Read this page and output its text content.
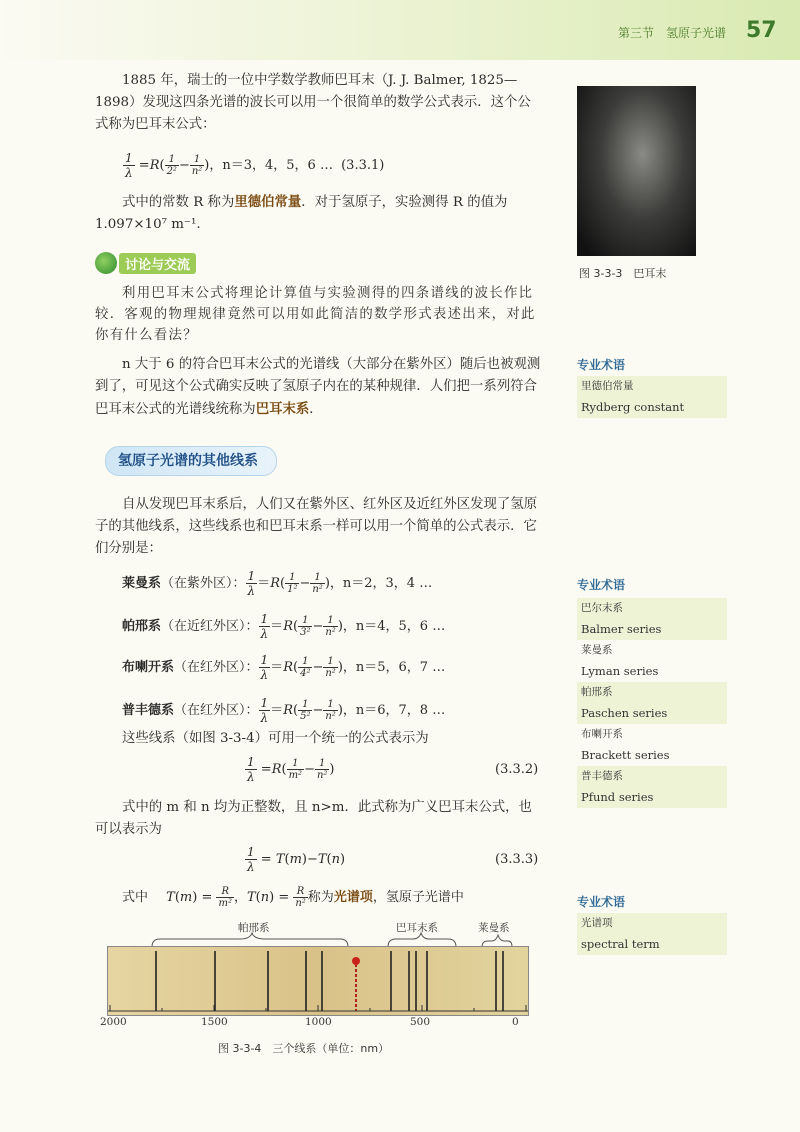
第三节　氢原子光谱 57
1885 年，瑞士的一位中学数学教师巴耳末（J. J. Balmer, 1825—1898）发现这四条光谱的波长可以用一个很简单的数学公式表示．这个公式称为巴耳末公式：
$\frac{1}{\lambda} =R( \frac{1}{\text{2²}} - \frac{1}{\text{n²}}$ )，n＝3，4，5，6 … (3.3.1)
式中的常数 R 称为里德伯常量．对于氢原子，实验测得 R 的值为 1.097×10⁷ m⁻¹.
图 3-3-3　巴耳末
讨论与交流
利用巴耳末公式将理论计算值与实验测得的四条谱线的波长作比较．客观的物理规律竟然可以用如此简洁的数学形式表述出来，对此你有什么看法？
n 大于 6 的符合巴耳末公式的光谱线（大部分在紫外区）随后也被观测到了，可见这个公式确实反映了氢原子内在的某种规律．人们把一系列符合巴耳末公式的光谱线统称为巴耳末系．
专业术语
里德伯常量
Rydberg constant
氢原子光谱的其他线系
自从发现巴耳末系后，人们又在紫外区、红外区及近红外区发现了氢原子的其他线系，这些线系也和巴耳末系一样可以用一个简单的公式表示．它们分别是：
莱曼系（在紫外区）： $\frac{1}{\lambda} =R( \frac{1}{\text{1²}} - \frac{1}{\text{n²}}$ )，n＝2，3，4 …
帕邢系（在近红外区）： $\frac{1}{\lambda} =R( \frac{1}{\text{3²}} - \frac{1}{\text{n²}}$ )，n＝4，5，6 …
布喇开系（在红外区）： $\frac{1}{\lambda} =R( \frac{1}{\text{4²}} - \frac{1}{\text{n²}}$ )，n＝5，6，7 …
普丰德系（在红外区）： $\frac{1}{\lambda} =R( \frac{1}{\text{5²}} - \frac{1}{\text{n²}}$ )，n＝6，7，8 …
专业术语
巴尔末系
Balmer series
莱曼系
Lyman series
帕邢系
Paschen series
布喇开系
Brackett series
普丰德系
Pfund series
这些线系（如图 3-3-4）可用一个统一的公式表示为
$\frac{1}{\lambda} =R( \frac{1}{\text{m²}} - \frac{1}{\text{n²}}$ )	(3.3.2)
式中的 m 和 n 均为正整数，且 n>m．此式称为广义巴耳末公式，也可以表示为
$\frac{1}{\lambda} = T(m)-T(n)$	(3.3.3)
式中 $T(m) = \frac{R}{\text{m²}}$ ，$T(n) = \frac{R}{\text{n²}}$ 称为光谱项，氢原子光谱中	专业术语
光谱项
spectral term
帕邢系	巴耳末系	莱曼系
2000	1500	1000	500	0
图 3-3-4　三个线系（单位：nm）
